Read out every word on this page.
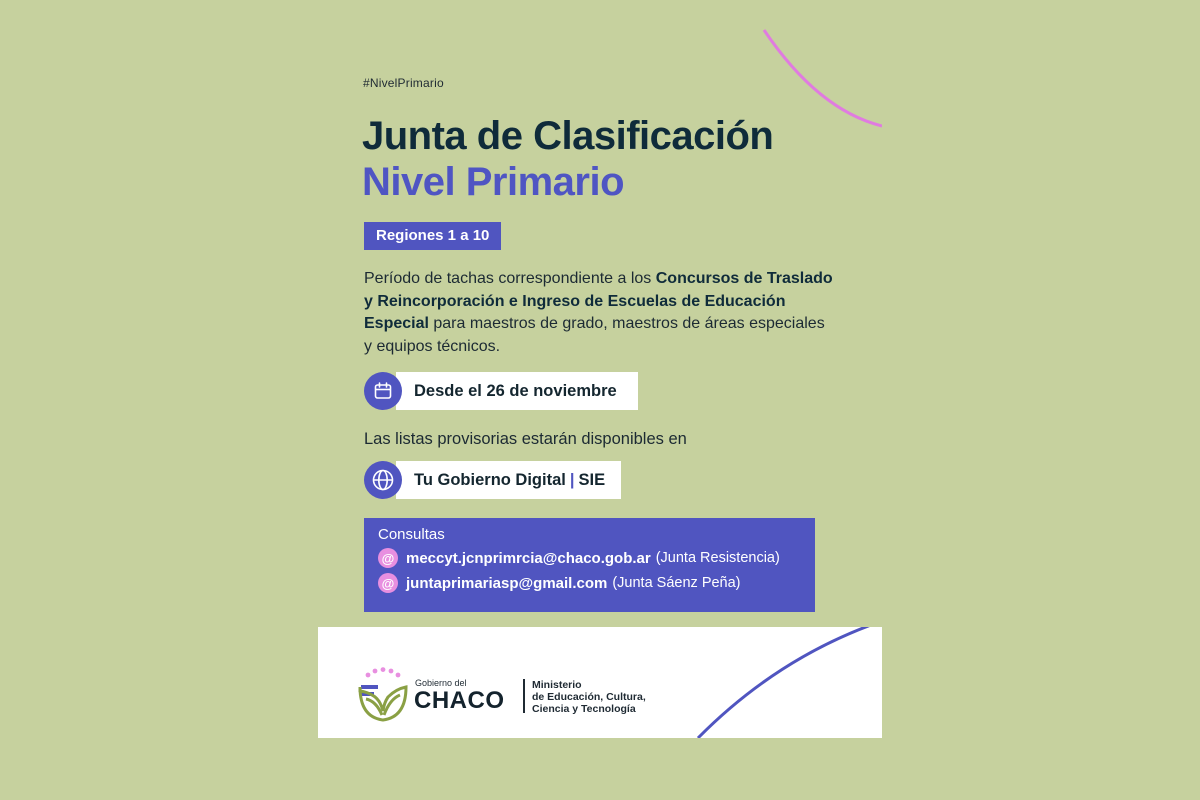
#NivelPrimario
Junta de Clasificación
Nivel Primario
Regiones 1 a 10
Período de tachas correspondiente a los Concursos de Traslado y Reincorporación e Ingreso de Escuelas de Educación Especial para maestros de grado, maestros de áreas especiales y equipos técnicos.
Desde el 26 de noviembre
Las listas provisorias estarán disponibles en
Tu Gobierno Digital | SIE
Consultas
@ meccyt.jcnprimrcia@chaco.gob.ar (Junta Resistencia)
@ juntaprimariasp@gmail.com (Junta Sáenz Peña)
Gobierno del
CHACO
Ministerio
de Educación, Cultura,
Ciencia y Tecnología
